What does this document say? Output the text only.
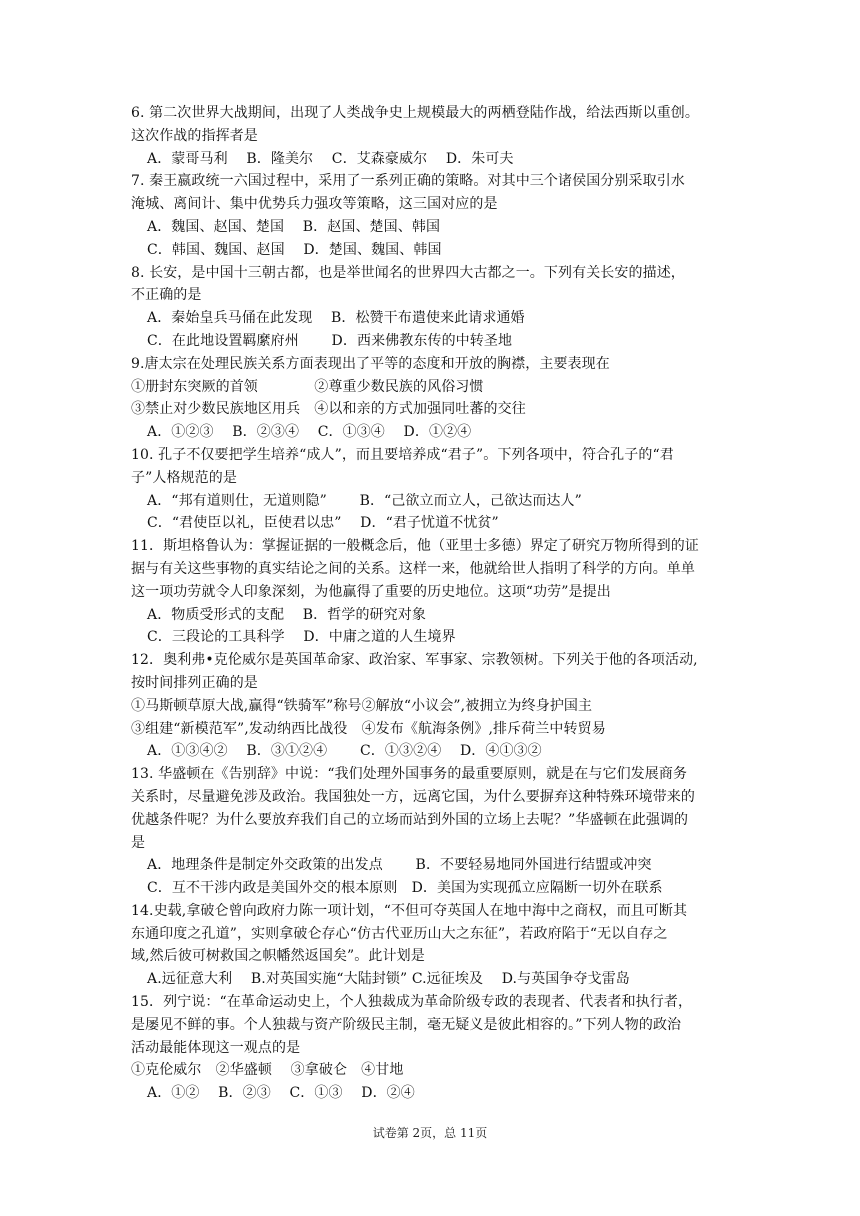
6. 第二次世界大战期间，出现了人类战争史上规模最大的两栖登陆作战，给法西斯以重创。
这次作战的指挥者是
A．蒙哥马利　 B．隆美尔　 C．艾森豪威尔　 D．朱可夫
7. 秦王嬴政统一六国过程中，采用了一系列正确的策略。对其中三个诸侯国分别采取引水
淹城、离间计、集中优势兵力强攻等策略，这三国对应的是
A．魏国、赵国、楚国　 B．赵国、楚国、韩国
C．韩国、魏国、赵国　 D．楚国、魏国、韩国
8. 长安，是中国十三朝古都，也是举世闻名的世界四大古都之一。下列有关长安的描述，
不正确的是
A．秦始皇兵马俑在此发现　 B．松赞干布遣使来此请求通婚
C．在此地设置羁縻府州　　 D．西来佛教东传的中转圣地
9.唐太宗在处理民族关系方面表现出了平等的态度和开放的胸襟，主要表现在
①册封东突厥的首领　　　　②尊重少数民族的风俗习惯
③禁止对少数民族地区用兵　④以和亲的方式加强同吐蕃的交往
A．①②③　 B．②③④　 C．①③④　 D．①②④
10. 孔子不仅要把学生培养“成人”，而且要培养成“君子”。下列各项中，符合孔子的“君
子”人格规范的是
A．“邦有道则仕，无道则隐”　　 B．“己欲立而立人，己欲达而达人”
C．“君使臣以礼，臣使君以忠”　 D．“君子忧道不忧贫”
11．斯坦格鲁认为：掌握证据的一般概念后，他（亚里士多德）界定了研究万物所得到的证
据与有关这些事物的真实结论之间的关系。这样一来，他就给世人指明了科学的方向。单单
这一项功劳就令人印象深刻，为他赢得了重要的历史地位。这项“功劳”是提出
A．物质受形式的支配　 B．哲学的研究对象
C．三段论的工具科学　 D．中庸之道的人生境界
12．奥利弗•克伦威尔是英国革命家、政治家、军事家、宗教领树。下列关于他的各项活动,
按时间排列正确的是
①马斯顿草原大战,赢得“铁骑军”称号②解放“小议会”,被拥立为终身护国主
③组建“新模范军”,发动纳西比战役　④发布《航海条例》,排斥荷兰中转贸易
A．①③④②　 B．③①②④　　 C．①③②④　 D．④①③②
13. 华盛顿在《告别辞》中说：“我们处理外国事务的最重要原则，就是在与它们发展商务
关系时，尽量避免涉及政治。我国独处一方，远离它国，为什么要摒弃这种特殊环境带来的
优越条件呢？为什么要放弃我们自己的立场而站到外国的立场上去呢？”华盛顿在此强调的
是
A．地理条件是制定外交政策的出发点　　 B．不要轻易地同外国进行结盟或冲突
C．互不干涉内政是美国外交的根本原则　D．美国为实现孤立应隔断一切外在联系
14.史载,拿破仑曾向政府力陈一项计划，“不但可夺英国人在地中海中之商权，而且可断其
东通印度之孔道”，实则拿破仑存心“仿古代亚历山大之东征”，若政府陷于“无以自存之
域,然后彼可树救国之帜幡然返国矣”。此计划是
A.远征意大利　 B.对英国实施“大陆封锁” C.远征埃及　 D.与英国争夺戈雷岛
15．列宁说：“在革命运动史上，个人独裁成为革命阶级专政的表现者、代表者和执行者，
是屡见不鲜的事。个人独裁与资产阶级民主制，毫无疑义是彼此相容的。”下列人物的政治
活动最能体现这一观点的是
①克伦威尔　②华盛顿　 ③拿破仑　④甘地
A．①②　 B．②③　 C．①③　 D．②④
试卷第 2页，总 11页
